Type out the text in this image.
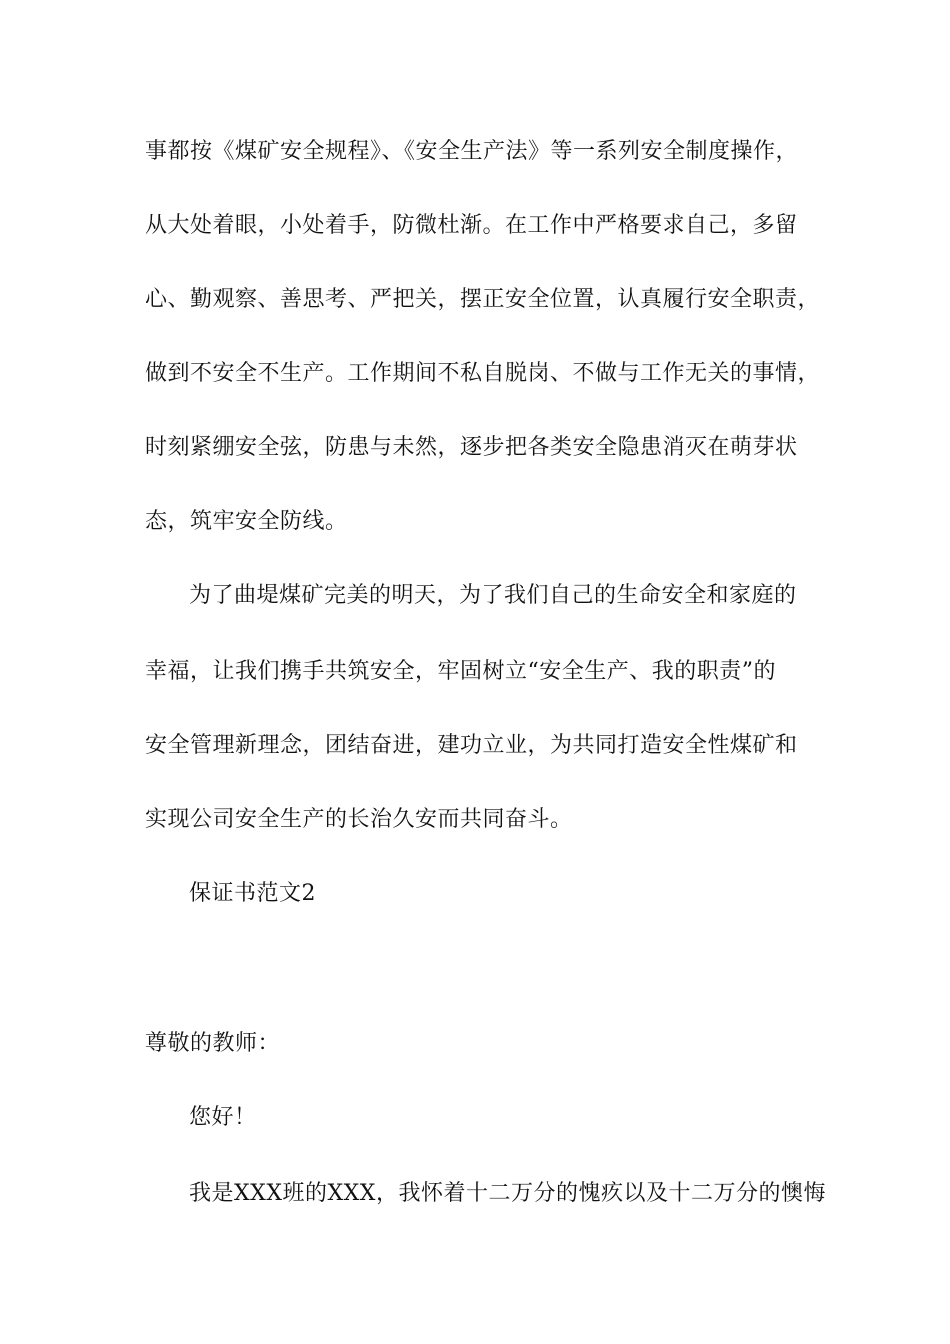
事都按《煤矿安全规程》、《安全生产法》等一系列安全制度操作，
从大处着眼，小处着手，防微杜渐。在工作中严格要求自己，多留
心、勤观察、善思考、严把关，摆正安全位置，认真履行安全职责，
做到不安全不生产。工作期间不私自脱岗、不做与工作无关的事情，
时刻紧绷安全弦，防患与未然，逐步把各类安全隐患消灭在萌芽状
态，筑牢安全防线。
为了曲堤煤矿完美的明天，为了我们自己的生命安全和家庭的
幸福，让我们携手共筑安全，牢固树立“安全生产、我的职责”的
安全管理新理念，团结奋进，建功立业，为共同打造安全性煤矿和
实现公司安全生产的长治久安而共同奋斗。
保证书范文2
尊敬的教师：
您好！
我是XXX班的XXX，我怀着十二万分的愧疚以及十二万分的懊悔
